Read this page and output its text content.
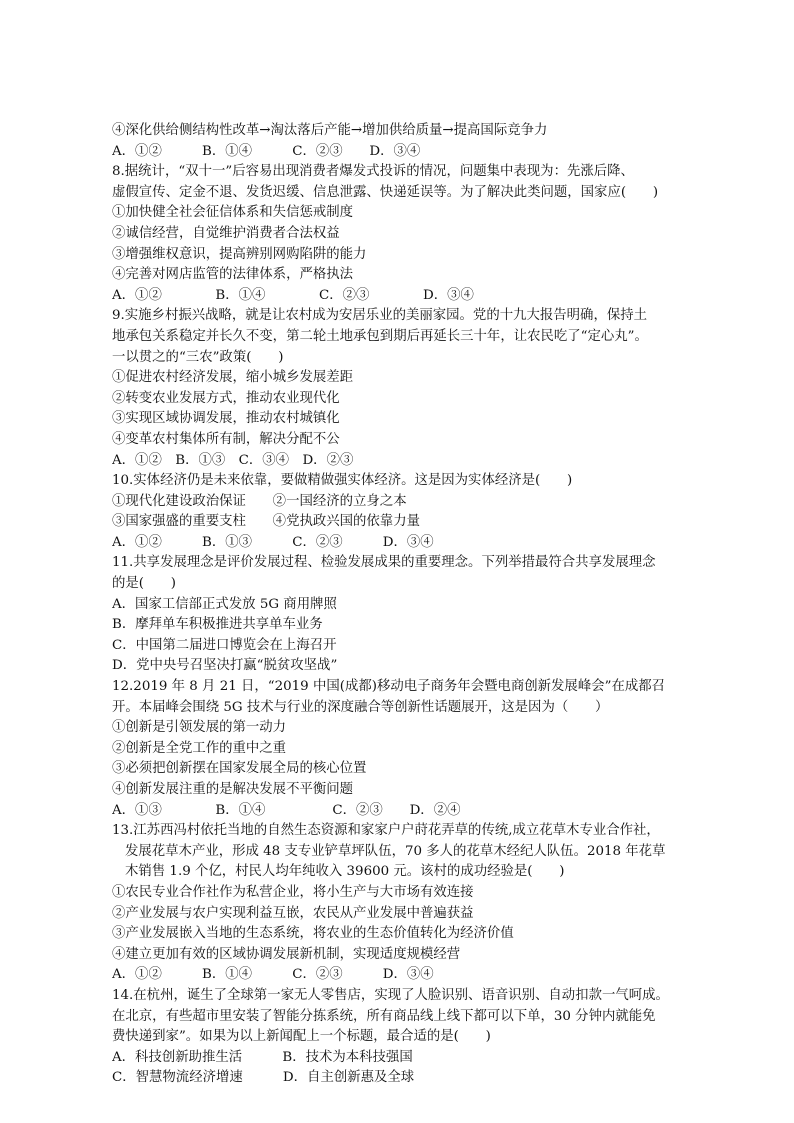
④深化供给侧结构性改革→淘汰落后产能→增加供给质量→提高国际竞争力
A．①②　　　B．①④　　　C．②③　　D．③④
8.据统计，“双十一”后容易出现消费者爆发式投诉的情况，问题集中表现为：先涨后降、
虚假宣传、定金不退、发货迟缓、信息泄露、快递延误等。为了解决此类问题，国家应(　　)
①加快健全社会征信体系和失信惩戒制度
②诚信经营，自觉维护消费者合法权益
③增强维权意识，提高辨别网购陷阱的能力
④完善对网店监管的法律体系，严格执法
A．①②　　　　B．①④　　　　C．②③　　　　D．③④
9.实施乡村振兴战略，就是让农村成为安居乐业的美丽家园。党的十九大报告明确，保持土
地承包关系稳定并长久不变，第二轮土地承包到期后再延长三十年，让农民吃了“定心丸”。
一以贯之的“三农”政策(　　)
①促进农村经济发展，缩小城乡发展差距
②转变农业发展方式，推动农业现代化
③实现区域协调发展，推动农村城镇化
④变革农村集体所有制，解决分配不公
A．①②　B．①③　C．③④　D．②③
10.实体经济仍是未来依靠，要做精做强实体经济。这是因为实体经济是(　　)
①现代化建设政治保证　　②一国经济的立身之本
③国家强盛的重要支柱　　④党执政兴国的依靠力量
A．①②　　　B．①③　　　C．②③　　　D．③④
11.共享发展理念是评价发展过程、检验发展成果的重要理念。下列举措最符合共享发展理念
的是(　　)
A．国家工信部正式发放 5G 商用牌照
B．摩拜单车积极推进共享单车业务
C．中国第二届进口博览会在上海召开
D．党中央号召坚决打赢“脱贫攻坚战”
12.2019 年 8 月 21 日，“2019 中国(成都)移动电子商务年会暨电商创新发展峰会”在成都召
开。本届峰会围绕 5G 技术与行业的深度融合等创新性话题展开，这是因为（　　）
①创新是引领发展的第一动力
②创新是全党工作的重中之重
③必须把创新摆在国家发展全局的核心位置
④创新发展注重的是解决发展不平衡问题
A．①③　　　　B．①④　　　　　C．②③　　D．②④
13.江苏西冯村依托当地的自然生态资源和家家户户莳花弄草的传统,成立花草木专业合作社，
发展花草木产业，形成 48 支专业铲草坪队伍，70 多人的花草木经纪人队伍。2018 年花草
木销售 1.9 个亿，村民人均年纯收入 39600 元。该村的成功经验是(　　)
①农民专业合作社作为私营企业，将小生产与大市场有效连接
②产业发展与农户实现利益互嵌，农民从产业发展中普遍获益
③产业发展嵌入当地的生态系统，将农业的生态价值转化为经济价值
④建立更加有效的区域协调发展新机制，实现适度规模经营
A．①②　　　B．①④　　　C．②③　　　D．③④
14.在杭州，诞生了全球第一家无人零售店，实现了人脸识别、语音识别、自动扣款一气呵成。
在北京，有些超市里安装了智能分拣系统，所有商品线上线下都可以下单，30 分钟内就能免
费快递到家”。如果为以上新闻配上一个标题，最合适的是(　　)
A．科技创新助推生活　　　B．技术为本科技强国
C．智慧物流经济增速　　　D．自主创新惠及全球
